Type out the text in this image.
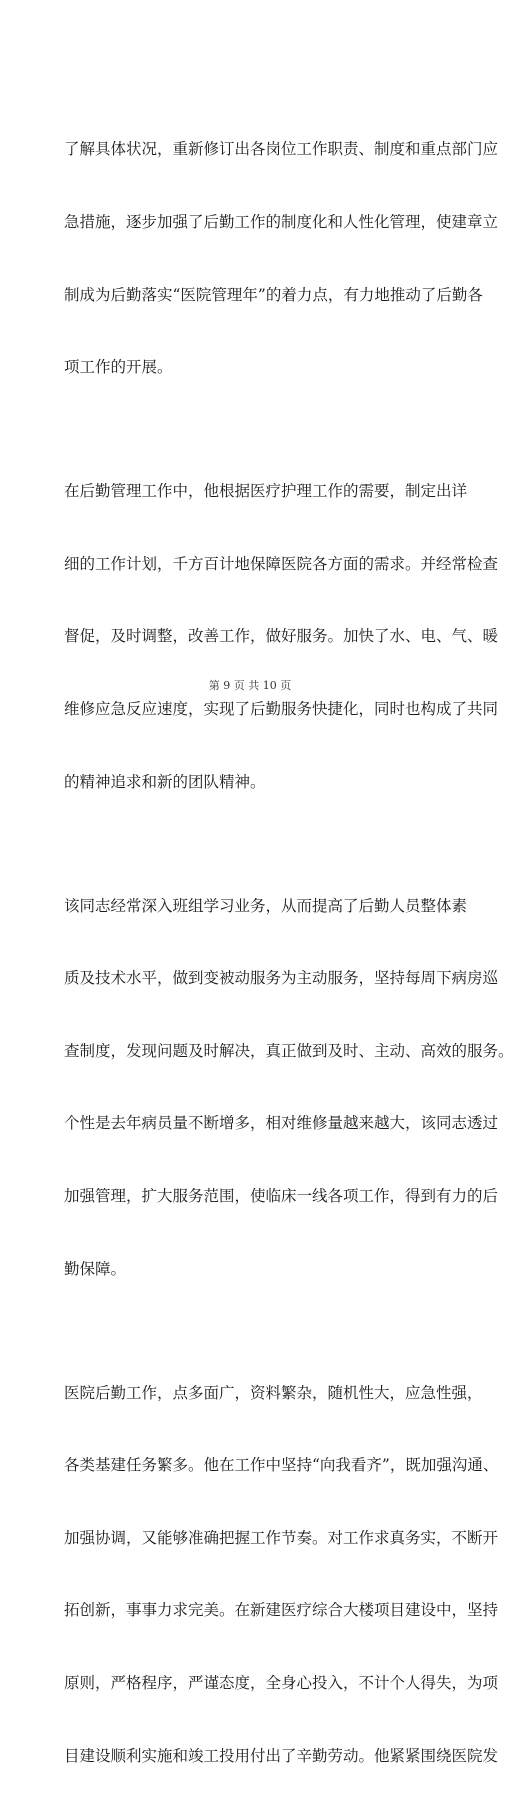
了解具体状况，重新修订出各岗位工作职责、制度和重点部门应

急措施，逐步加强了后勤工作的制度化和人性化管理，使建章立

制成为后勤落实“医院管理年”的着力点，有力地推动了后勤各

项工作的开展。

在后勤管理工作中，他根据医疗护理工作的需要，制定出详

细的工作计划，千方百计地保障医院各方面的需求。并经常检查

督促，及时调整，改善工作，做好服务。加快了水、电、气、暖

维修应急反应速度，实现了后勤服务快捷化，同时也构成了共同

的精神追求和新的团队精神。

该同志经常深入班组学习业务，从而提高了后勤人员整体素

质及技术水平，做到变被动服务为主动服务，坚持每周下病房巡

查制度，发现问题及时解决，真正做到及时、主动、高效的服务。

个性是去年病员量不断增多，相对维修量越来越大，该同志透过

加强管理，扩大服务范围，使临床一线各项工作，得到有力的后

勤保障。

医院后勤工作，点多面广，资料繁杂，随机性大，应急性强，

各类基建任务繁多。他在工作中坚持“向我看齐”，既加强沟通、

加强协调，又能够准确把握工作节奏。对工作求真务实，不断开

拓创新，事事力求完美。在新建医疗综合大楼项目建设中，坚持

原则，严格程序，严谨态度，全身心投入，不计个人得失，为项

目建设顺利实施和竣工投用付出了辛勤劳动。他紧紧围绕医院发

第 9 页 共 10 页
